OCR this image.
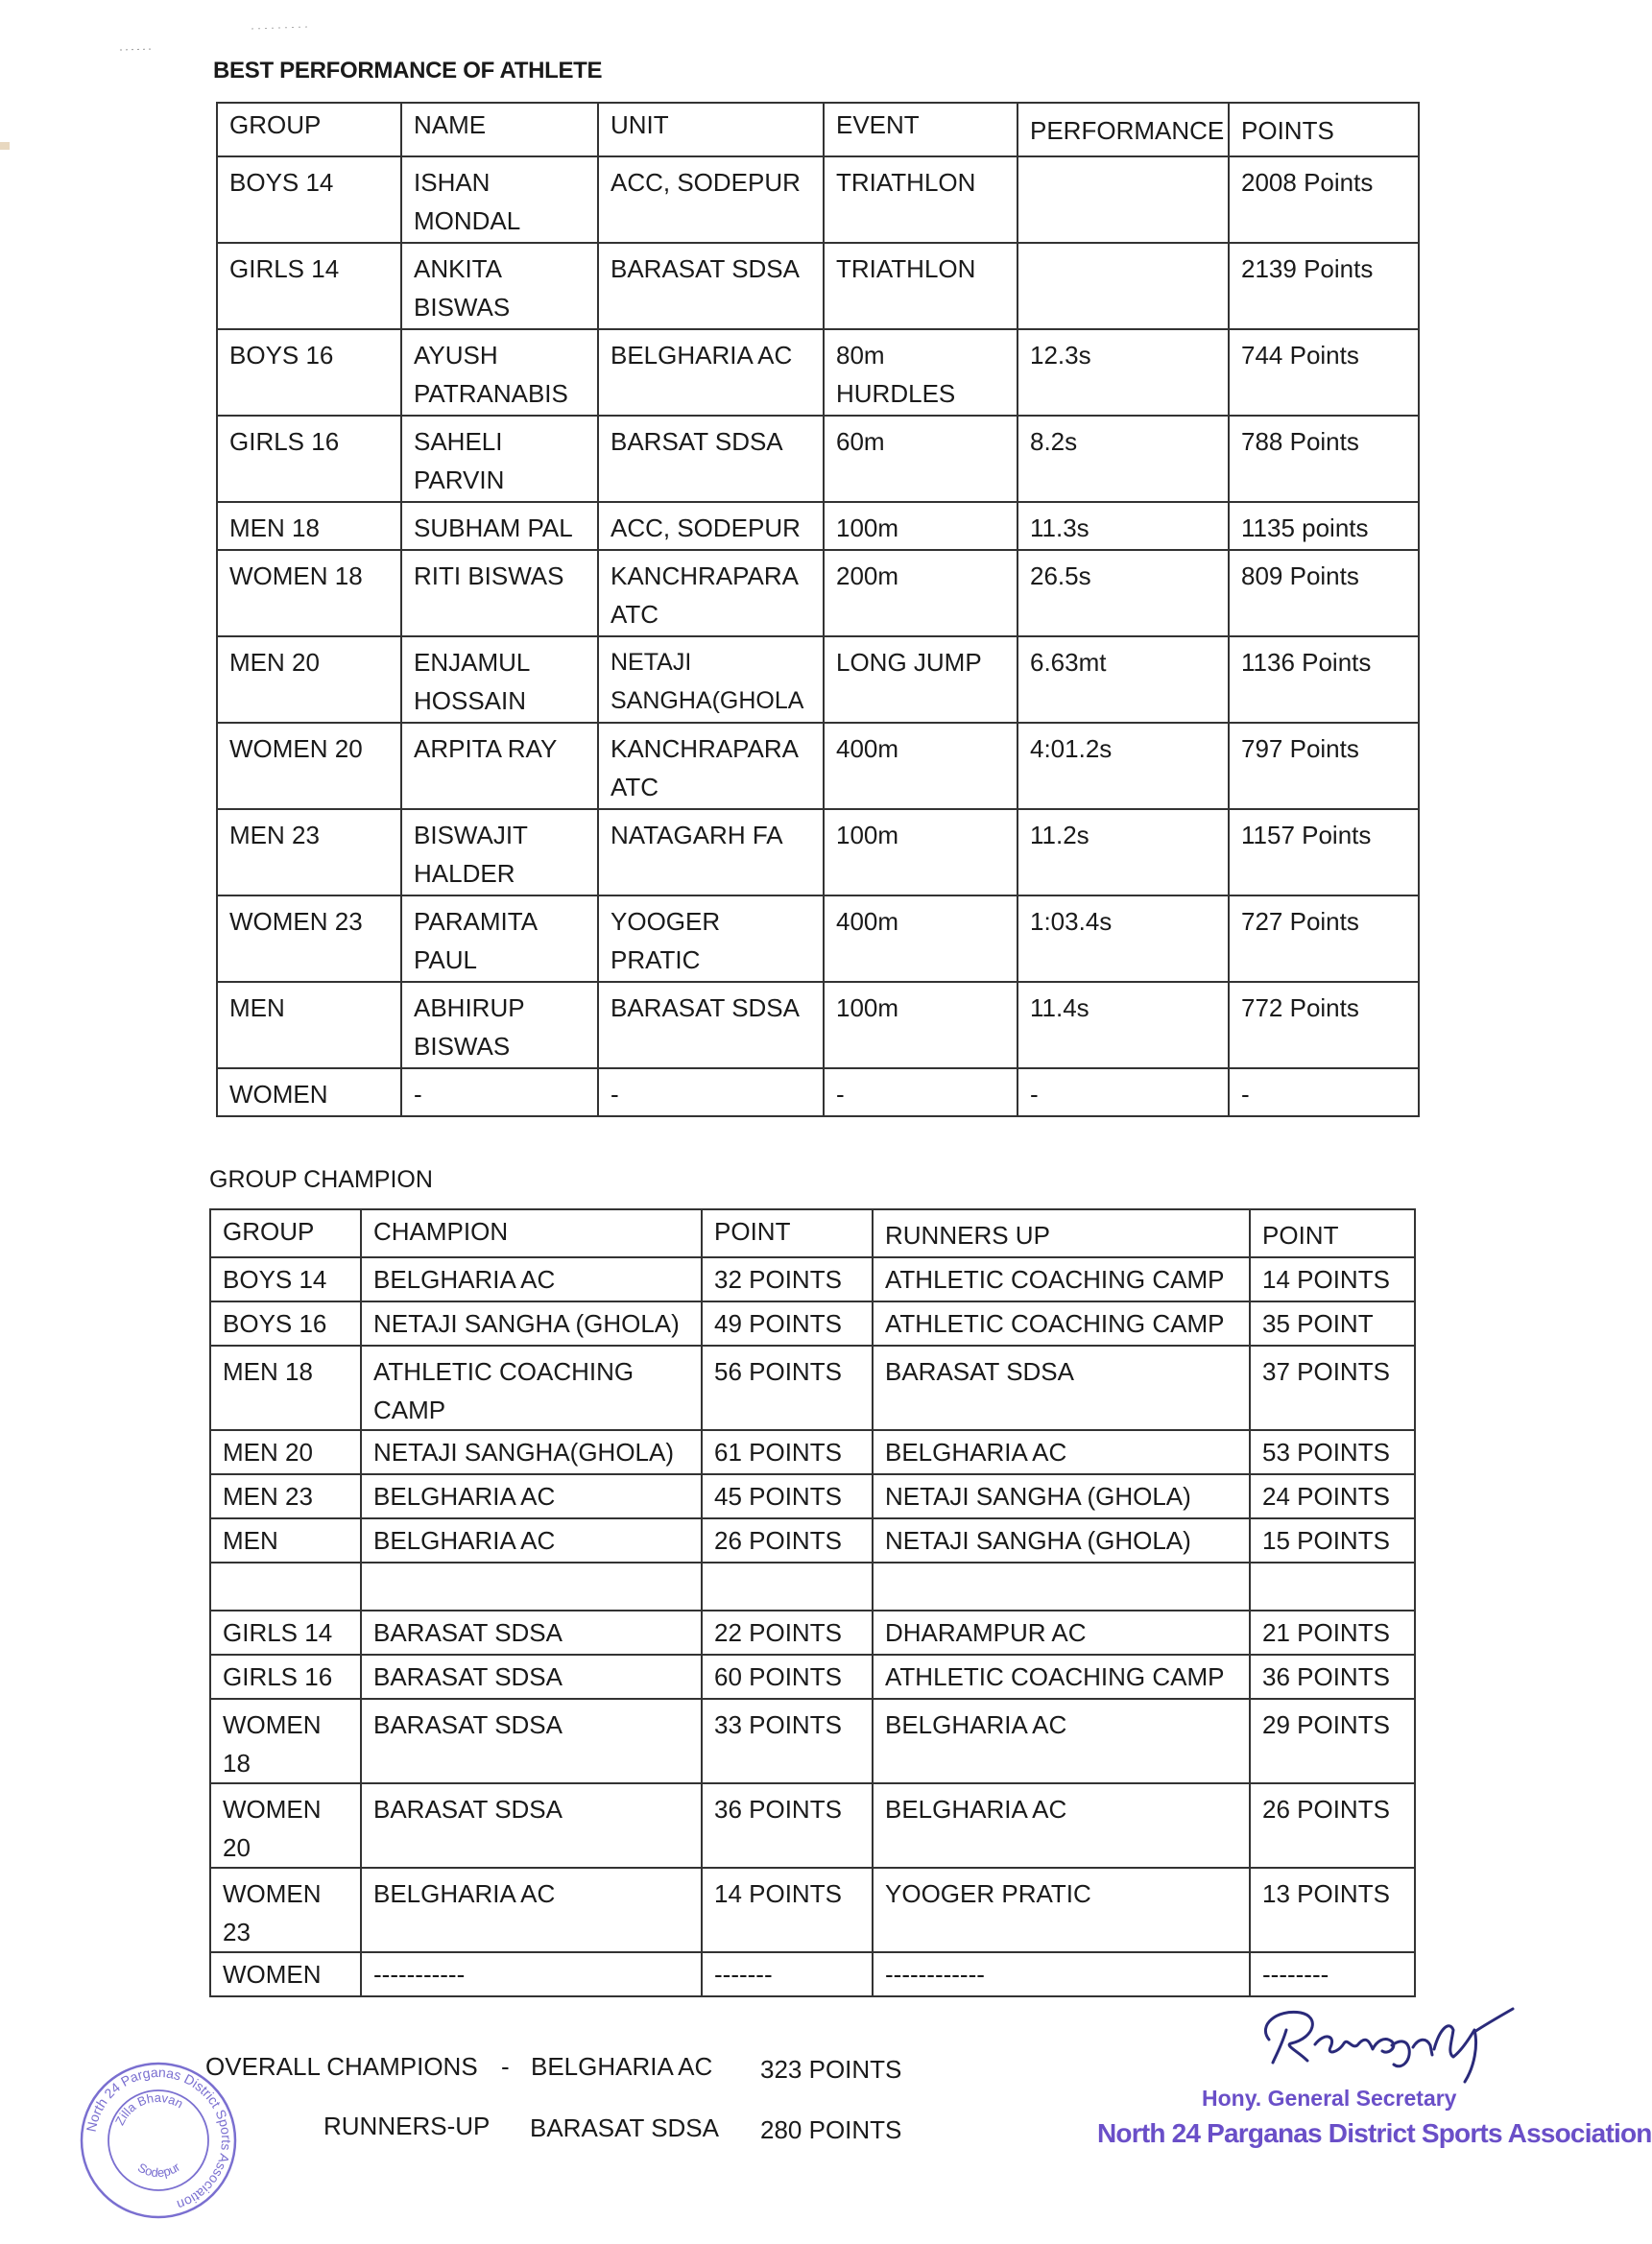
BEST PERFORMANCE OF ATHLETE
GROUP	NAME	UNIT	EVENT	PERFORMANCE	POINTS
BOYS 14	ISHAN MONDAL	ACC, SODEPUR	TRIATHLON		2008 Points
GIRLS 14	ANKITA BISWAS	BARASAT SDSA	TRIATHLON		2139 Points
BOYS 16	AYUSH PATRANABIS	BELGHARIA AC	80m HURDLES	12.3s	744 Points
GIRLS 16	SAHELI PARVIN	BARSAT SDSA	60m	8.2s	788 Points
MEN 18	SUBHAM PAL	ACC, SODEPUR	100m	11.3s	1135 points
WOMEN 18	RITI BISWAS	KANCHRAPARA ATC	200m	26.5s	809 Points
MEN 20	ENJAMUL HOSSAIN	NETAJI SANGHA(GHOLA	LONG JUMP	6.63mt	1136 Points
WOMEN 20	ARPITA RAY	KANCHRAPARA ATC	400m	4:01.2s	797 Points
MEN 23	BISWAJIT HALDER	NATAGARH FA	100m	11.2s	1157 Points
WOMEN 23	PARAMITA PAUL	YOOGER PRATIC	400m	1:03.4s	727 Points
MEN	ABHIRUP BISWAS	BARASAT SDSA	100m	11.4s	772 Points
WOMEN	-	-	-	-	-
GROUP CHAMPION
GROUP	CHAMPION	POINT	RUNNERS UP	POINT
BOYS 14	BELGHARIA AC	32 POINTS	ATHLETIC COACHING CAMP	14 POINTS
BOYS 16	NETAJI SANGHA (GHOLA)	49 POINTS	ATHLETIC COACHING CAMP	35 POINT
MEN 18	ATHLETIC COACHING CAMP	56 POINTS	BARASAT SDSA	37 POINTS
MEN 20	NETAJI SANGHA(GHOLA)	61 POINTS	BELGHARIA AC	53 POINTS
MEN 23	BELGHARIA AC	45 POINTS	NETAJI SANGHA (GHOLA)	24 POINTS
MEN	BELGHARIA AC	26 POINTS	NETAJI SANGHA (GHOLA)	15 POINTS

GIRLS 14	BARASAT SDSA	22 POINTS	DHARAMPUR AC	21 POINTS
GIRLS 16	BARASAT SDSA	60 POINTS	ATHLETIC COACHING CAMP	36 POINTS
WOMEN 18	BARASAT SDSA	33 POINTS	BELGHARIA AC	29 POINTS
WOMEN 20	BARASAT SDSA	36 POINTS	BELGHARIA AC	26 POINTS
WOMEN 23	BELGHARIA AC	14 POINTS	YOOGER PRATIC	13 POINTS
WOMEN	-----------	-------	------------	--------
OVERALL CHAMPIONS - BELGHARIA AC 323 POINTS
RUNNERS-UP BARASAT SDSA 280 POINTS
North 24 Parganas District Sports Association
Zilla Bhavan
Sodepur
Hony. General Secretary
North 24 Parganas District Sports Association
